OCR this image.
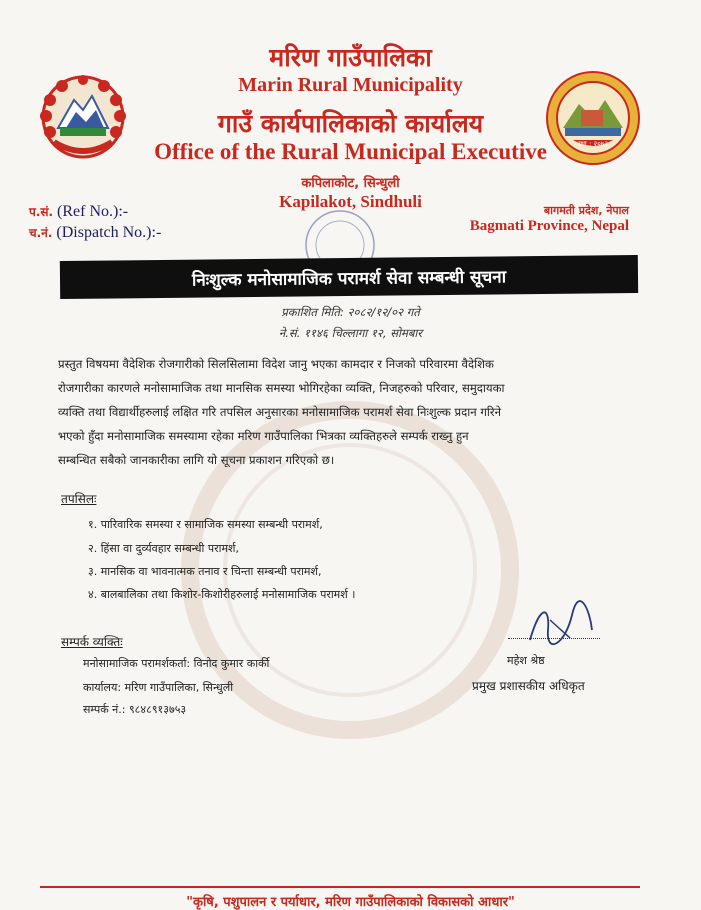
स्था.: २०७३
मरिण गाउँपालिका
Marin Rural Municipality
गाउँ कार्यपालिकाको कार्यालय
Office of the Rural Municipal Executive
कपिलाकोट, सिन्धुली
Kapilakot, Sindhuli
प.सं. (Ref No.):-
च.नं. (Dispatch No.):-
बागमती प्रदेश, नेपाल
Bagmati Province, Nepal
निःशुल्क मनोसामाजिक परामर्श सेवा सम्बन्धी सूचना
प्रकाशित मिति: २०८२/१२/०२ गते
ने.सं. ११४६ चिल्लागा १२, सोमबार
प्रस्तुत विषयमा वैदेशिक रोजगारीको सिलसिलामा विदेश जानु भएका कामदार र निजको परिवारमा वैदेशिक
रोजगारीका कारणले मनोसामाजिक तथा मानसिक समस्या भोगिरहेका व्यक्ति, निजहरुको परिवार, समुदायका
व्यक्ति तथा विद्यार्थीहरुलाई लक्षित गरि तपसिल अनुसारका मनोसामाजिक परामर्श सेवा निःशुल्क प्रदान गरिने
भएको हुँदा मनोसामाजिक समस्यामा रहेका मरिण गाउँपालिका भित्रका व्यक्तिहरुले सम्पर्क राख्नु हुन
सम्बन्धित सबैको जानकारीका लागि यो सूचना प्रकाशन गरिएको छ।
तपसिलः
१. पारिवारिक समस्या र सामाजिक समस्या सम्बन्धी परामर्श,
२. हिंसा वा दुर्व्यवहार सम्बन्धी परामर्श,
३. मानसिक वा भावनात्मक तनाव र चिन्ता सम्बन्धी परामर्श,
४. बालबालिका तथा किशोर-किशोरीहरुलाई मनोसामाजिक परामर्श ।
सम्पर्क व्यक्तिः
मनोसामाजिक परामर्शकर्ता: विनोद कुमार कार्की
कार्यालय: मरिण गाउँपालिका, सिन्धुली
सम्पर्क नं.: ९८४८९१३७५३
महेश श्रेष्ठ
प्रमुख प्रशासकीय अधिकृत
"कृषि, पशुपालन र पर्याधार, मरिण गाउँपालिकाको विकासको आधार"
